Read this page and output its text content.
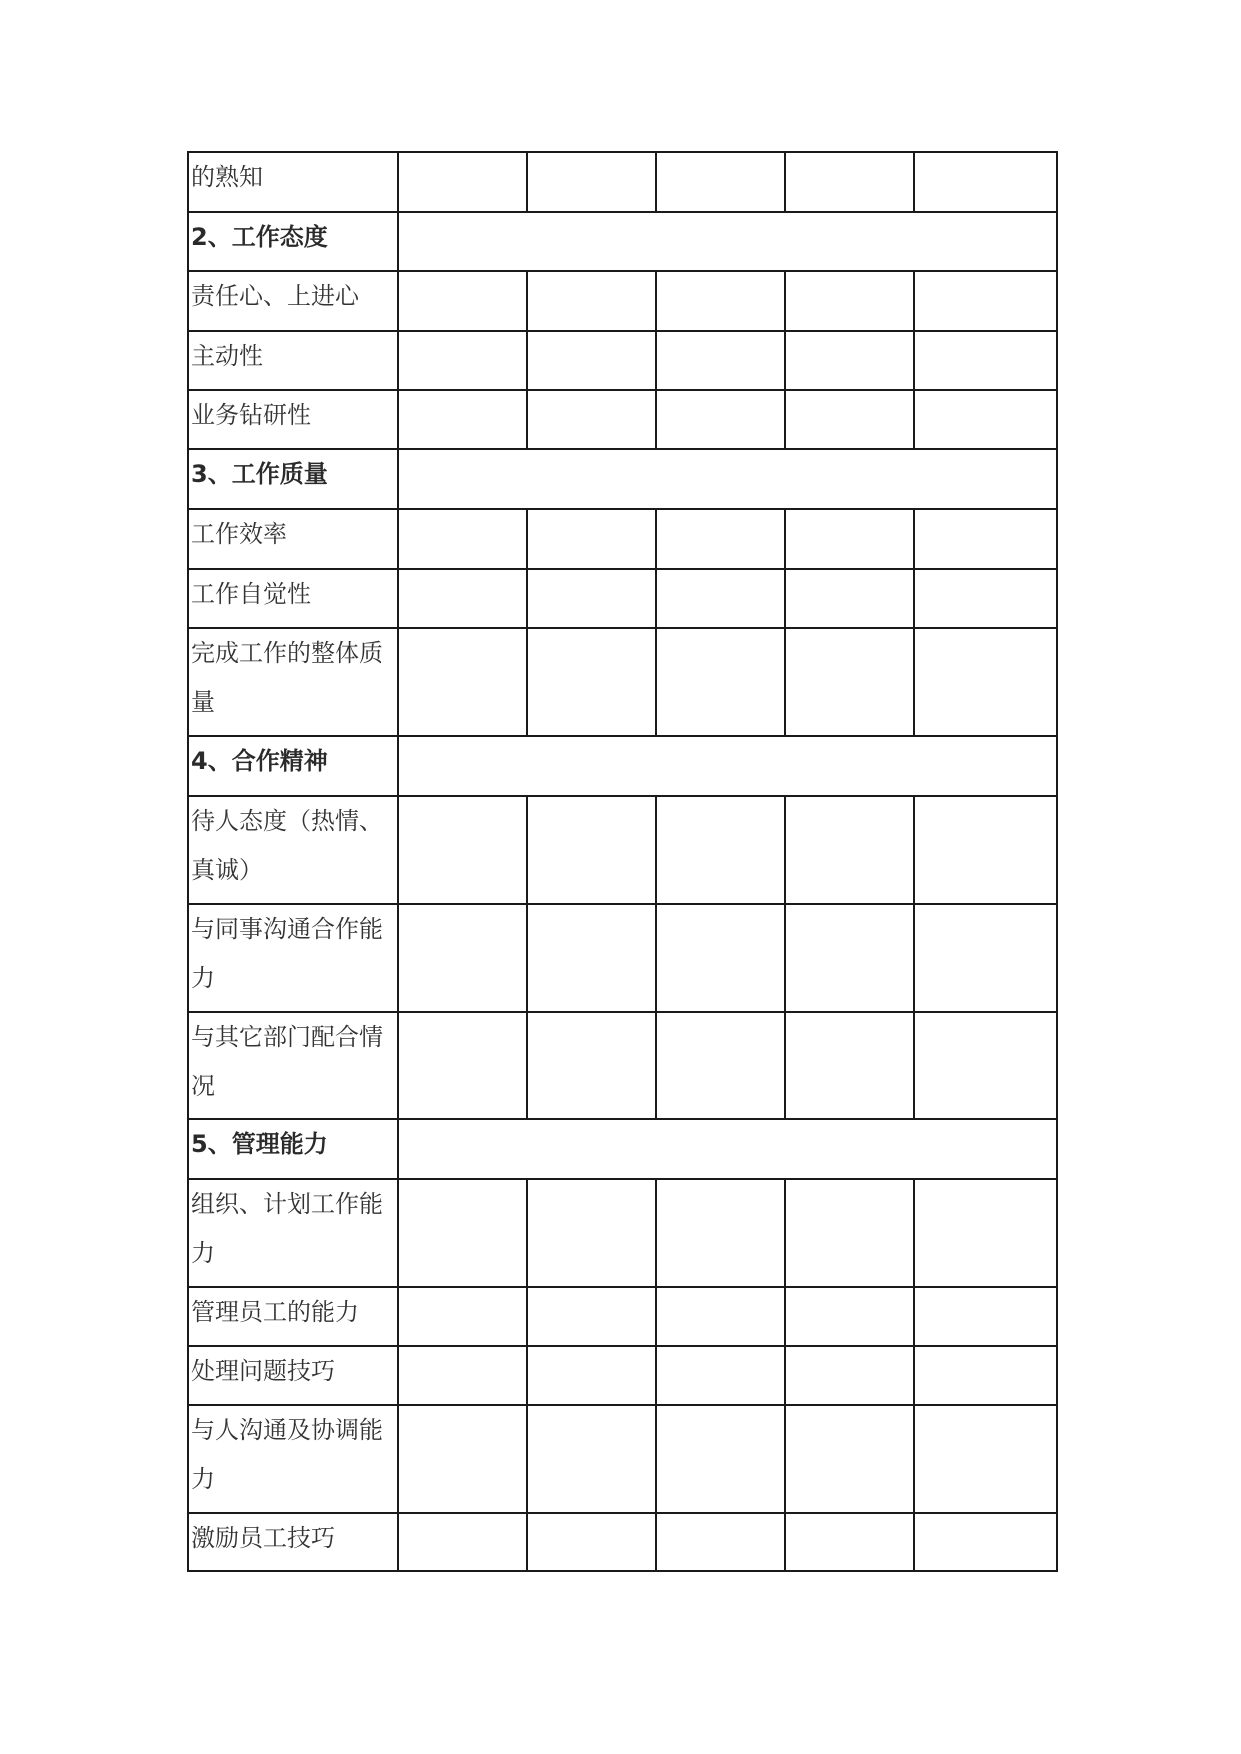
的熟知					
2、工作态度					
责任心、上进心					
主动性					
业务钻研性					
3、工作质量					
工作效率					
工作自觉性					
完成工作的整体质量					
4、合作精神					
待人态度（热情、真诚）					
与同事沟通合作能力					
与其它部门配合情况					
5、管理能力					
组织、计划工作能力					
管理员工的能力					
处理问题技巧					
与人沟通及协调能力					
激励员工技巧					
